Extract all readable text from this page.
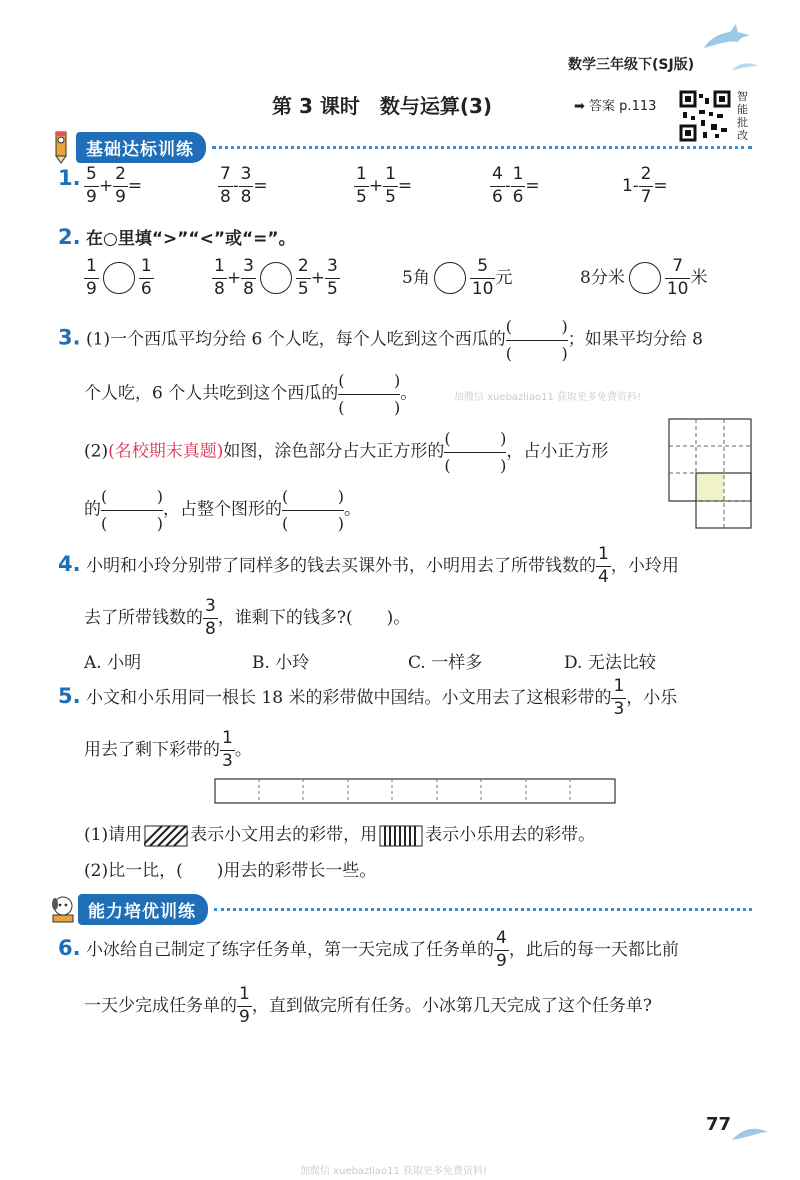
数学三年级下(SJ版)
第 3 课时　数与运算(3)	➡ 答案 p.113
智
能
批
改
基础达标训练
1. $\frac{5}{9} + \frac{2}{9}$ =	$\frac{7}{8} - \frac{3}{8}$ =	$\frac{1}{5} + \frac{1}{5}$ =	$\frac{4}{6} - \frac{1}{6}$ =	$1- \frac{2}{7}$ =
2. 在○里填“>”“<”或“=”。
$\frac{1}{9} \frac{1}{6}$	$\frac{1}{8} + \frac{3}{8} \frac{2}{5} + \frac{3}{5}$	5角 $\frac{5}{10}$ 元	8分米 $\frac{7}{10}$ 米
3. (1)一个西瓜平均分给 6 个人吃，每个人吃到这个西瓜的
(	)
(	)
；如果平均分给 8
个人吃，6 个人共吃到这个西瓜的
(	)
(	)
。	加微信 xuebazliao11 获取更多免费资料!
(2)(名校期末真题)如图，涂色部分占大正方形的
(	)
(	)
，占小正方形
的
(	)
(	)
，占整个图形的
(	)
(	)
。
4. 小明和小玲分别带了同样多的钱去买课外书，小明用去了所带钱数的 $\frac{1}{4}$ ，小玲用
去了所带钱数的 $\frac{3}{8}$ ，谁剩下的钱多?(　　)。
A. 小明	B. 小玲	C. 一样多	D. 无法比较
5. 小文和小乐用同一根长 18 米的彩带做中国结。小文用去了这根彩带的 $\frac{1}{3}$ ，小乐
用去了剩下彩带的 $\frac{1}{3}$ 。
(1)请用	表示小文用去的彩带，用	表示小乐用去的彩带。
(2)比一比，(　　)用去的彩带长一些。
能力培优训练
6. 小冰给自己制定了练字任务单，第一天完成了任务单的 $\frac{4}{9}$ ，此后的每一天都比前
一天少完成任务单的 $\frac{1}{9}$ ，直到做完所有任务。小冰第几天完成了这个任务单?
77
加微信 xuebazliao11 获取更多免费资料!
